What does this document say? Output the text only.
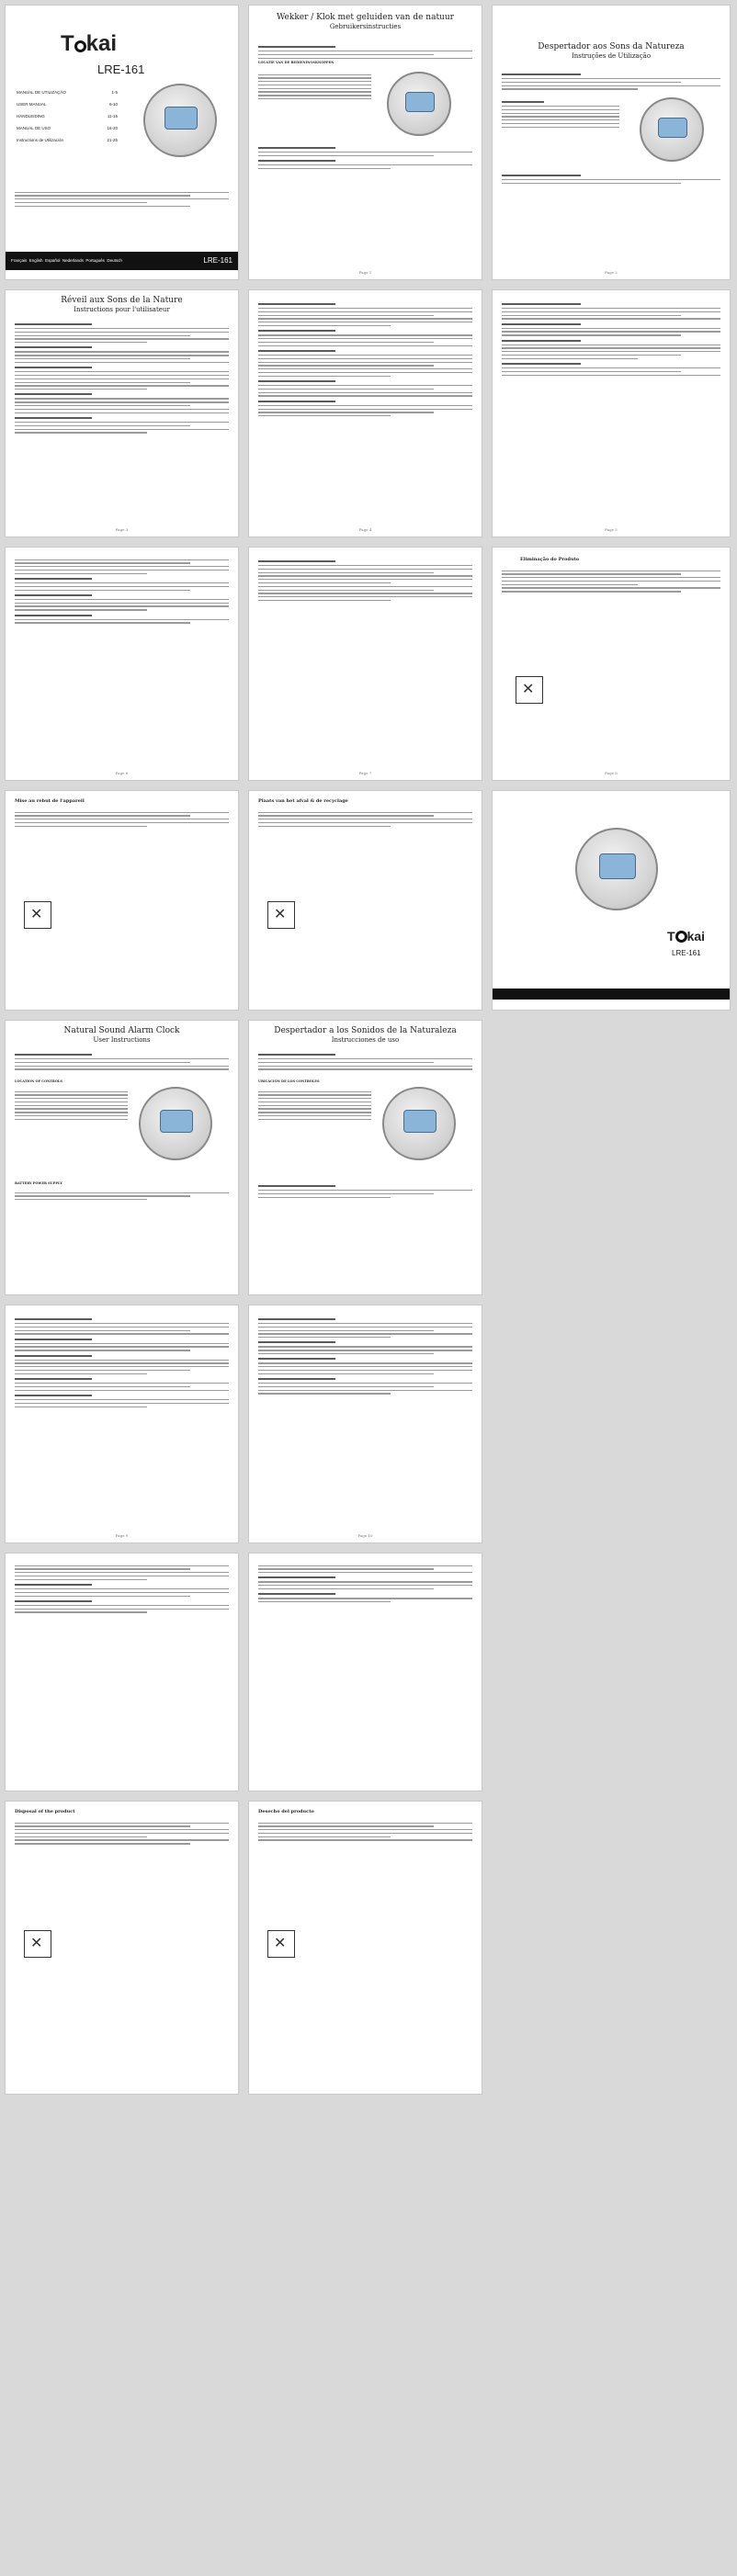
T kai
LRE-161
MANUAL DE UTILIZAÇÃO	1-5
USER MANUAL	6-10
HANDLEIDING	11-15
MANUAL DE USO	16-20
Instructions de Utilización	21-25
Français English Español Nederlands Português Deutsch	LRE-161
Wekker / Klok met geluiden van de natuur
Gebruikersinstructies
LOCATIE VAN DE BEDIENINGSKNOPPEN
Page 1
Despertador aos Sons da Natureza
Instruções de Utilização
Page 2
Réveil aux Sons de la Nature
Instructions pour l'utilisateur
Page 3	Page 4	Page 5
Page 6	Page 7
Eliminação do Produto
✕
Page 8
Mise au rebut de l'appareil
✕	Plaats van het afval & de recyclage
✕
T kai
LRE-161
Natural Sound Alarm Clock
User Instructions
LOCATION OF CONTROLS
BATTERY POWER SUPPLY
Despertador a los Sonidos de la Naturaleza
Instrucciones de uso
UBICACIÓN DE LOS CONTROLES
Page 9	Page 10
Disposal of the product
✕	Desecho del producto
✕
